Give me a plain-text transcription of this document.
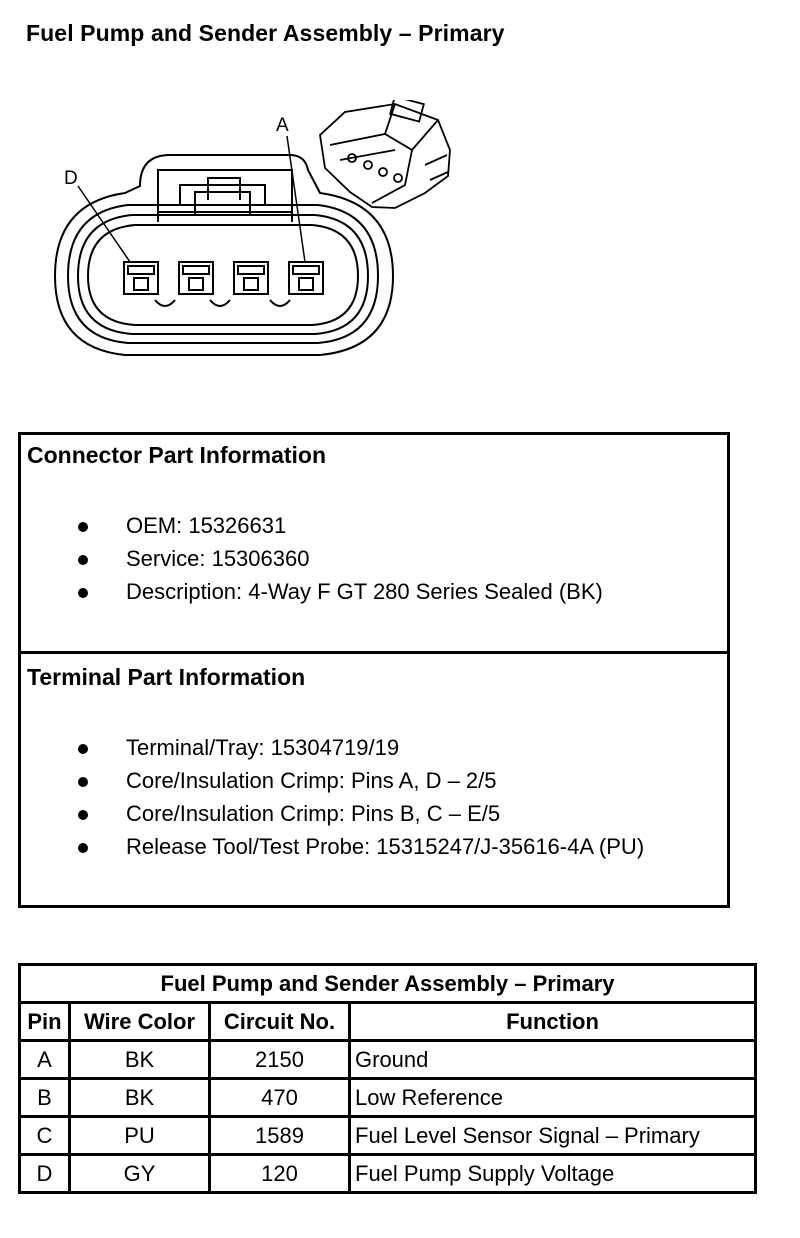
Fuel Pump and Sender Assembly – Primary
A
D
Connector Part Information
OEM: 15326631
Service: 15306360
Description: 4-Way F GT 280 Series Sealed (BK)
Terminal Part Information
Terminal/Tray: 15304719/19
Core/Insulation Crimp: Pins A, D – 2/5
Core/Insulation Crimp: Pins B, C – E/5
Release Tool/Test Probe: 15315247/J-35616-4A (PU)
Fuel Pump and Sender Assembly – Primary			
Pin	Wire Color	Circuit No.	Function
A	BK	2150	Ground
B	BK	470	Low Reference
C	PU	1589	Fuel Level Sensor Signal – Primary
D	GY	120	Fuel Pump Supply Voltage
